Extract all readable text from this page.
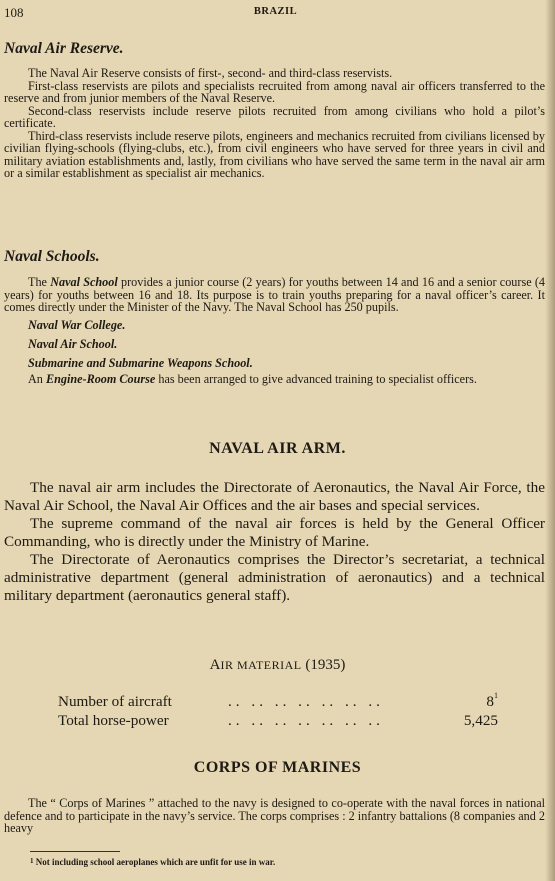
108	BRAZIL
Naval Air Reserve.

The Naval Air Reserve consists of first-, second- and third-class reservists.

First-class reservists are pilots and specialists recruited from among naval air officers transferred to the reserve and from junior members of the Naval Reserve.

Second-class reservists include reserve pilots recruited from among civilians who hold a pilot’s certificate.

Third-class reservists include reserve pilots, engineers and mechanics recruited from civilians licensed by civilian flying-schools (flying-clubs, etc.), from civil engineers who have served for three years in civil and military aviation establishments and, lastly, from civilians who have served the same term in the naval air arm or a similar establishment as specialist air mechanics.

Naval Schools.

The Naval School provides a junior course (2 years) for youths between 14 and 16 and a senior course (4 years) for youths between 16 and 18. Its purpose is to train youths preparing for a naval officer’s career. It comes directly under the Minister of the Navy. The Naval School has 250 pupils.

Naval War College.

Naval Air School.

Submarine and Submarine Weapons School.

An Engine-Room Course has been arranged to give advanced training to specialist officers.

NAVAL AIR ARM.

The naval air arm includes the Directorate of Aeronautics, the Naval Air Force, the Naval Air School, the Naval Air Offices and the air bases and special services.

The supreme command of the naval air forces is held by the General Officer Commanding, who is directly under the Ministry of Marine.

The Directorate of Aeronautics comprises the Director’s secretariat, a technical administrative department (general administration of aeronautics) and a technical military department (aeronautics general staff).

AIR MATERIAL (1935)
Number of aircraft	.. .. .. .. .. .. ..	$8^1$
Total horse-power	.. .. .. .. .. .. ..	5,425
CORPS OF MARINES

The “ Corps of Marines ” attached to the navy is designed to co-operate with the naval forces in national defence and to participate in the navy’s service. The corps comprises : 2 infantry battalions (8 companies and 2 heavy

$^1$ Not including school aeroplanes which are unfit for use in war.
